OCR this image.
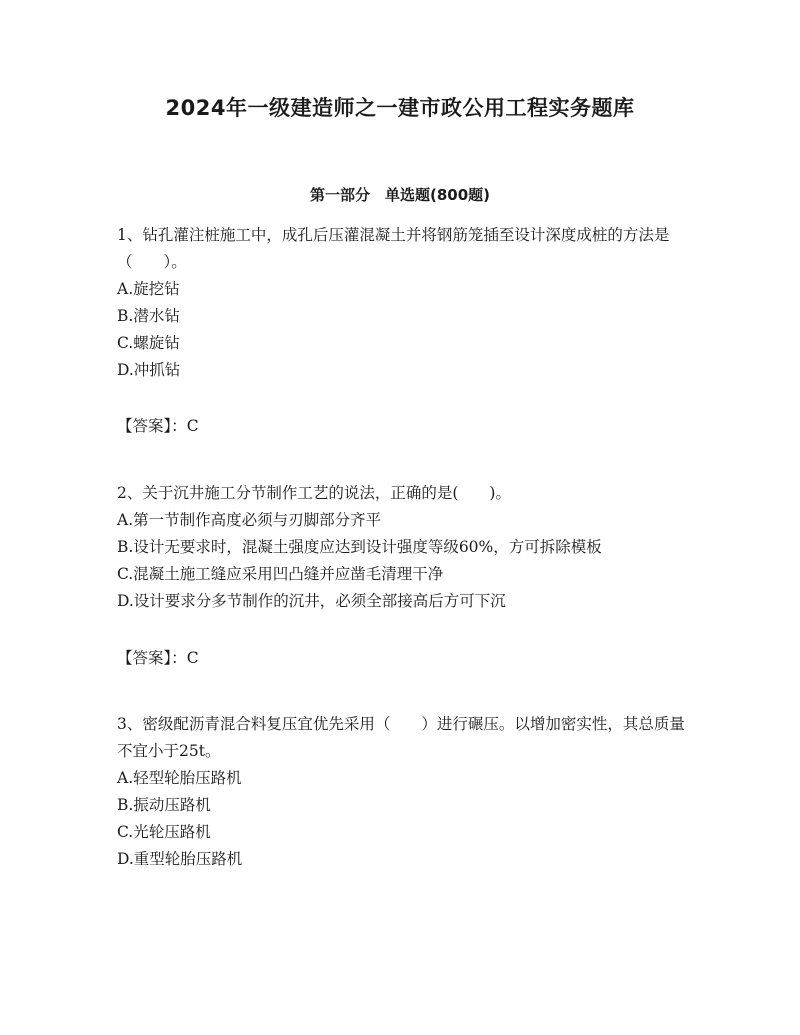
2024年一级建造师之一建市政公用工程实务题库
第一部分　单选题(800题)

1、钻孔灌注桩施工中，成孔后压灌混凝土并将钢筋笼插至设计深度成桩的方法是（　　）。

A.旋挖钻
B.潜水钻
C.螺旋钻
D.冲抓钻
【答案】：C

2、关于沉井施工分节制作工艺的说法，正确的是(　　)。

A.第一节制作高度必须与刃脚部分齐平
B.设计无要求时，混凝土强度应达到设计强度等级60%，方可拆除模板
C.混凝土施工缝应采用凹凸缝并应凿毛清理干净
D.设计要求分多节制作的沉井，必须全部接高后方可下沉
【答案】：C

3、密级配沥青混合料复压宜优先采用（　　）进行碾压。以增加密实性，其总质量不宜小于25t。

A.轻型轮胎压路机
B.振动压路机
C.光轮压路机
D.重型轮胎压路机
